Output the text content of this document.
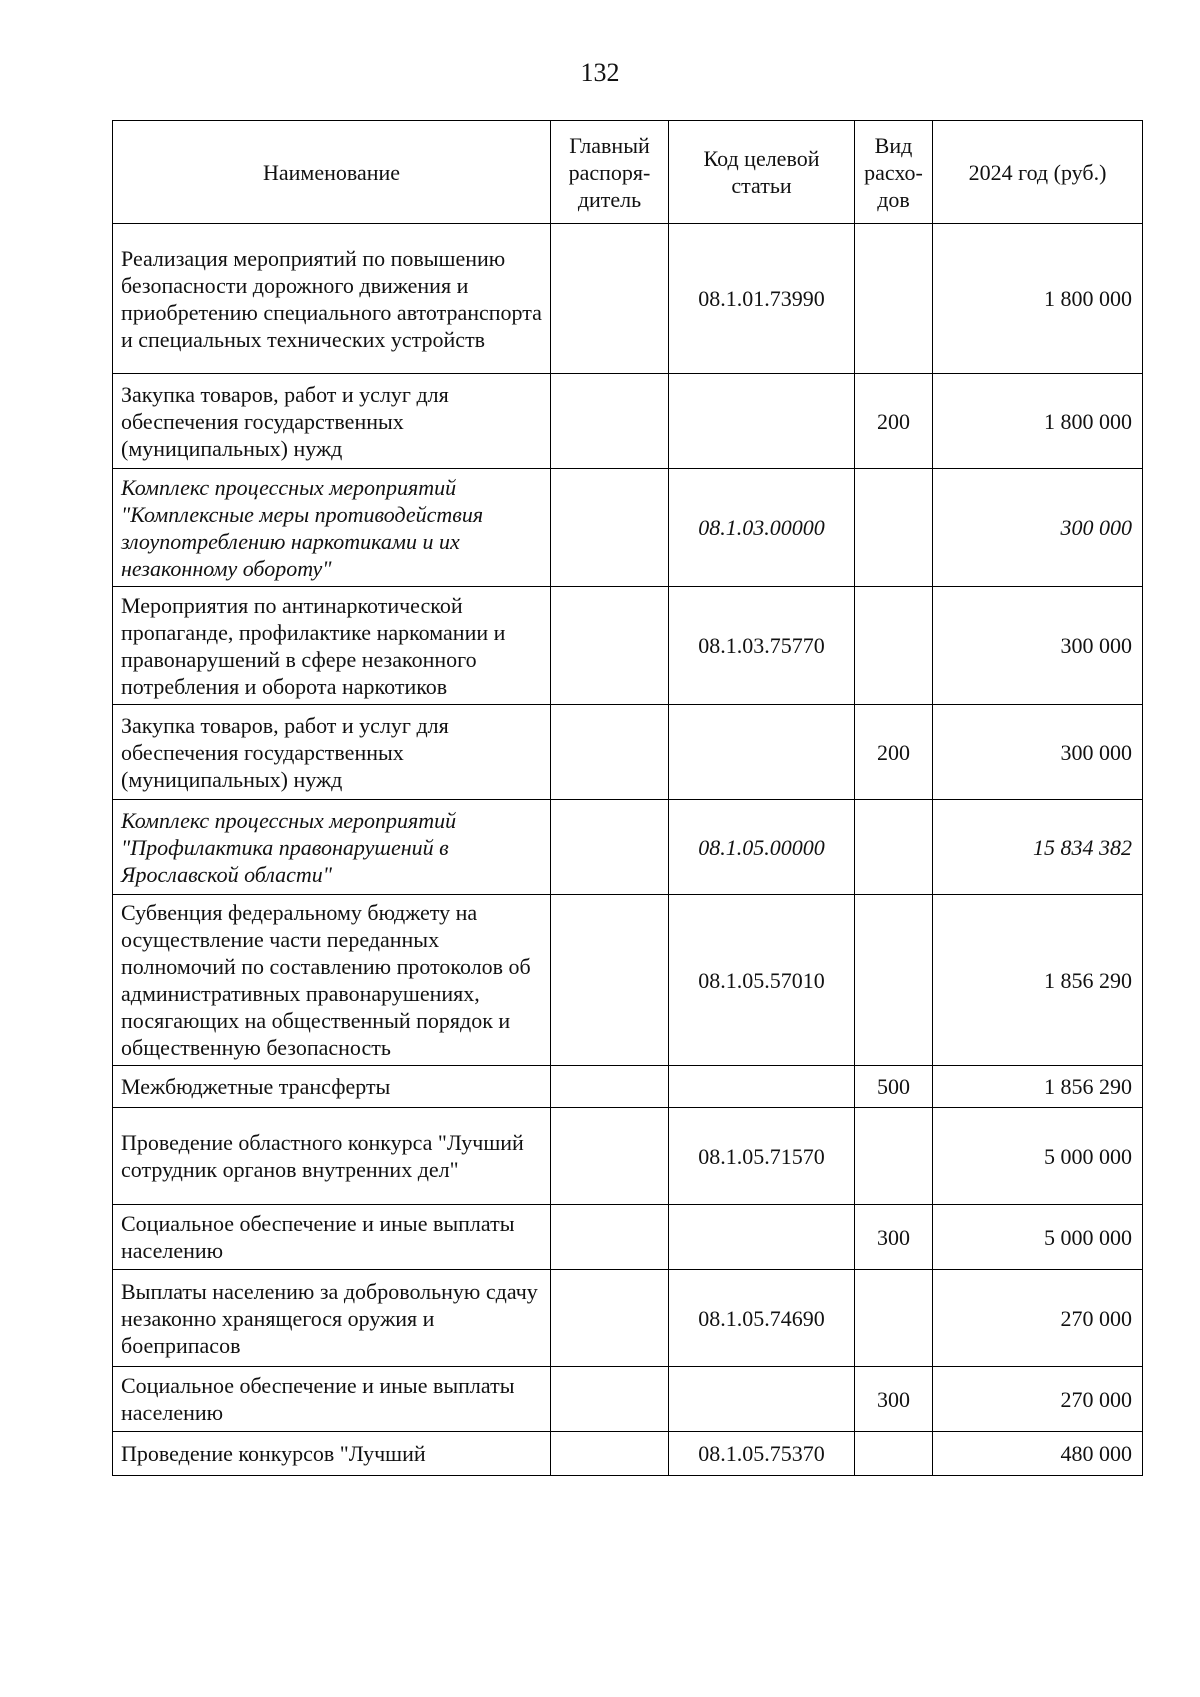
132
Наименование	Главный распоря-дитель	Код целевой статьи	Вид расхо-дов	2024 год (руб.)
Реализация мероприятий по повышению безопасности дорожного движения и приобретению специального автотранспорта и специальных технических устройств		08.1.01.73990		1 800 000
Закупка товаров, работ и услуг для обеспечения государственных (муниципальных) нужд			200	1 800 000
Комплекс процессных мероприятий "Комплексные меры противодействия злоупотреблению наркотиками и их незаконному обороту"		08.1.03.00000		300 000
Мероприятия по антинаркотической пропаганде, профилактике наркомании и правонарушений в сфере незаконного потребления и оборота наркотиков		08.1.03.75770		300 000
Закупка товаров, работ и услуг для обеспечения государственных (муниципальных) нужд			200	300 000
Комплекс процессных мероприятий "Профилактика правонарушений в Ярославской области"		08.1.05.00000		15 834 382
Субвенция федеральному бюджету на осуществление части переданных полномочий по составлению протоколов об административных правонарушениях, посягающих на общественный порядок и общественную безопасность		08.1.05.57010		1 856 290
Межбюджетные трансферты			500	1 856 290
Проведение областного конкурса "Лучший сотрудник органов внутренних дел"		08.1.05.71570		5 000 000
Социальное обеспечение и иные выплаты населению			300	5 000 000
Выплаты населению за добровольную сдачу незаконно хранящегося оружия и боеприпасов		08.1.05.74690		270 000
Социальное обеспечение и иные выплаты населению			300	270 000
Проведение конкурсов "Лучший		08.1.05.75370		480 000
